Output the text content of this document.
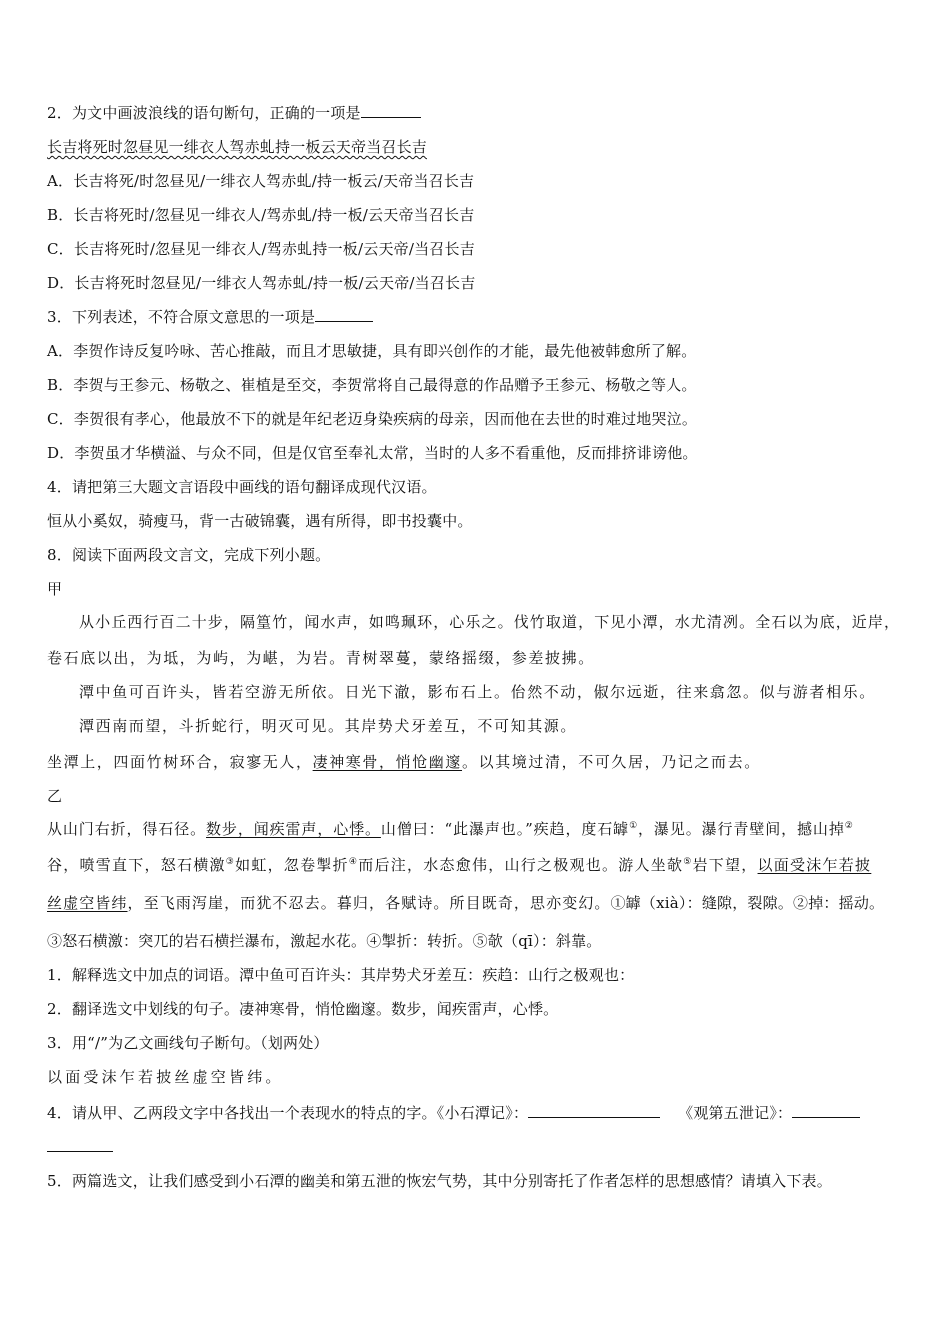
2．为文中画波浪线的语句断句，正确的一项是
长吉将死时忽昼见一绯衣人驾赤虬持一板云天帝当召长吉
A．长吉将死/时忽昼见/一绯衣人驾赤虬/持一板云/天帝当召长吉
B．长吉将死时/忽昼见一绯衣人/驾赤虬/持一板/云天帝当召长吉
C．长吉将死时/忽昼见一绯衣人/驾赤虬持一板/云天帝/当召长吉
D．长吉将死时忽昼见/一绯衣人驾赤虬/持一板/云天帝/当召长吉
3．下列表述，不符合原文意思的一项是
A．李贺作诗反复吟咏、苦心推敲，而且才思敏捷，具有即兴创作的才能，最先他被韩愈所了解。
B．李贺与王参元、杨敬之、崔植是至交，李贺常将自己最得意的作品赠予王参元、杨敬之等人。
C．李贺很有孝心，他最放不下的就是年纪老迈身染疾病的母亲，因而他在去世的时难过地哭泣。
D．李贺虽才华横溢、与众不同，但是仅官至奉礼太常，当时的人多不看重他，反而排挤诽谤他。
4．请把第三大题文言语段中画线的语句翻译成现代汉语。
恒从小奚奴，骑瘦马，背一古破锦囊，遇有所得，即书投囊中。
8．阅读下面两段文言文，完成下列小题。
甲
从小丘西行百二十步，隔篁竹，闻水声，如鸣珮环，心乐之。伐竹取道，下见小潭，水尤清冽。全石以为底，近岸，
卷石底以出，为坻，为屿，为嵁，为岩。青树翠蔓，蒙络摇缀，参差披拂。
潭中鱼可百许头，皆若空游无所依。日光下澈，影布石上。佁然不动，俶尔远逝，往来翕忽。似与游者相乐。
潭西南而望，斗折蛇行，明灭可见。其岸势犬牙差互，不可知其源。
坐潭上，四面竹树环合，寂寥无人，凄神寒骨，悄怆幽邃。以其境过清，不可久居，乃记之而去。
乙
从山门右折，得石径。数步，闻疾雷声，心悸。山僧曰：“此瀑声也。”疾趋，度石罅①，瀑见。瀑行青壁间，撼山掉②
谷，喷雪直下，怒石横激③如虹，忽卷掣折④而后注，水态愈伟，山行之极观也。游人坐欹⑤岩下望，以面受沫乍若披
丝虚空皆纬，至飞雨泻崖，而犹不忍去。暮归，各赋诗。所目既奇，思亦变幻。①罅（xià）：缝隙，裂隙。②掉：摇动。
③怒石横激：突兀的岩石横拦瀑布，激起水花。④掣折：转折。⑤欹（qī）：斜靠。
1．解释选文中加点的词语。潭中鱼可百许头：其岸势犬牙差互：疾趋：山行之极观也：
2．翻译选文中划线的句子。凄神寒骨，悄怆幽邃。数步，闻疾雷声，心悸。
3．用“/”为乙文画线句子断句。（划两处）
以面受沫乍若披丝虚空皆纬。
4．请从甲、乙两段文字中各找出一个表现水的特点的字。《小石潭记》：	《观第五泄记》：
5．两篇选文，让我们感受到小石潭的幽美和第五泄的恢宏气势，其中分别寄托了作者怎样的思想感情？请填入下表。
